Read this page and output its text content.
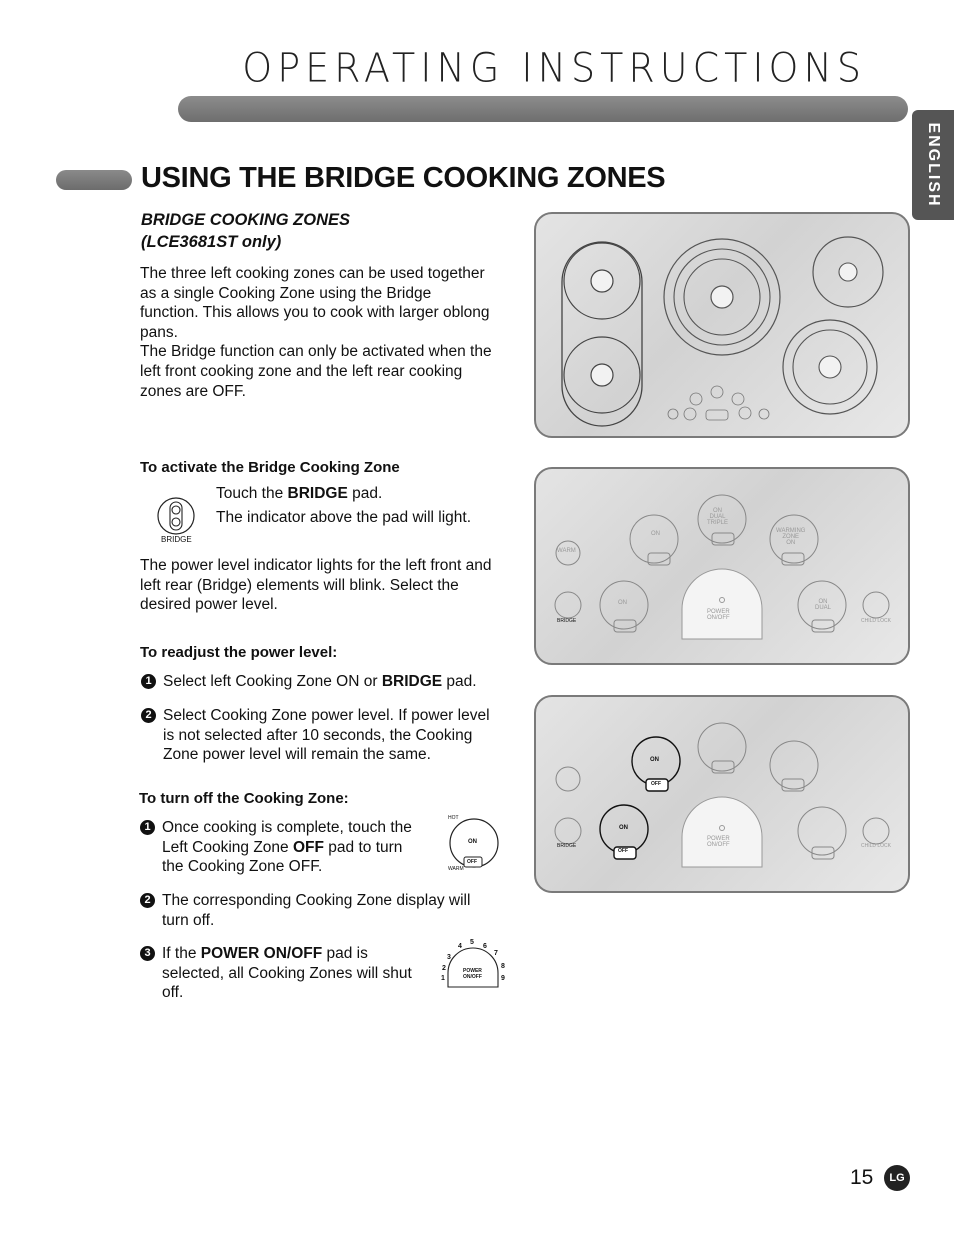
OPERATING INSTRUCTIONS
ENGLISH
USING THE BRIDGE COOKING ZONES
BRIDGE COOKING ZONES
(LCE3681ST only)
The three left cooking zones can be used together
as a single Cooking Zone using the Bridge
function. This allows you to cook with larger oblong
pans.
The Bridge function can only be activated when the
left front cooking zone and the left rear cooking
zones are OFF.
To activate the Bridge Cooking Zone
BRIDGE
Touch the BRIDGE pad.
The indicator above the pad will light.
The power level indicator lights for the left front and
left rear (Bridge) elements will blink. Select the
desired power level.
To readjust the power level:
1 Select left Cooking Zone ON or BRIDGE pad.
2 Select Cooking Zone power level. If power level
is not selected after 10 seconds, the Cooking
Zone power level will remain the same.
To turn off the Cooking Zone:
1 Once cooking is complete, touch the
Left Cooking Zone OFF pad to turn
the Cooking Zone OFF.
HOT
ON
OFF
WARM
2 The corresponding Cooking Zone display will
turn off.
3 If the POWER ON/OFF pad is
selected, all Cooking Zones will shut
off.
POWER
ON/OFF
1
2
3
4
5
6
7
8
9
ON
DUAL
TRIPLE
ON	WARMING
ZONE
ON
WARM
BRIDGE
ON
POWER
ON/OFF
ON
DUAL
CHILD LOCK
ON
OFF
ON
OFF
BRIDGE
POWER
ON/OFF	CHILD LOCK
15	LG
